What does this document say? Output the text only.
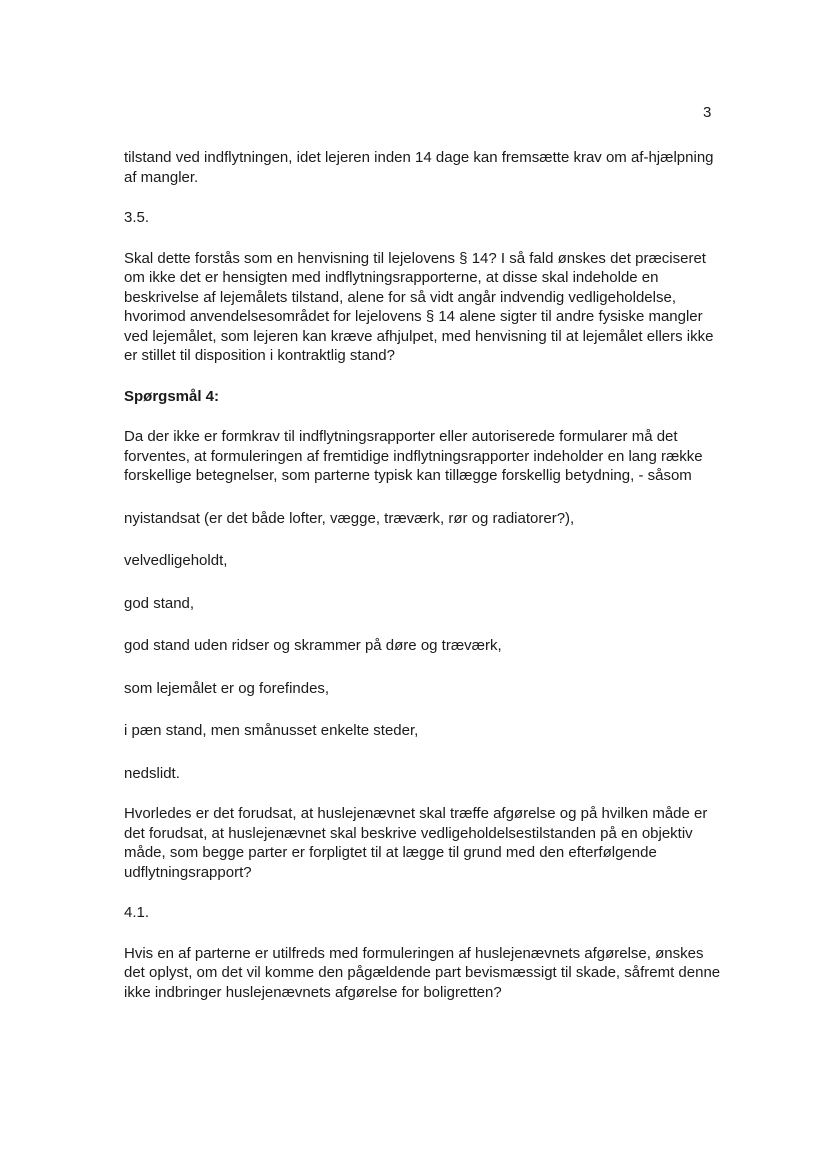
3

tilstand ved indflytningen, idet lejeren inden 14 dage kan fremsætte krav om af-hjælpning af mangler.

3.5.

Skal dette forstås som en henvisning til lejelovens § 14? I så fald ønskes det præciseret om ikke det er hensigten med indflytningsrapporterne, at disse skal indeholde en beskrivelse af lejemålets tilstand, alene for så vidt angår indvendig vedligeholdelse, hvorimod anvendelsesområdet for lejelovens § 14 alene sigter til andre fysiske mangler ved lejemålet, som lejeren kan kræve afhjulpet, med henvisning til at lejemålet ellers ikke er stillet til disposition i kontraktlig stand?

Spørgsmål 4:

Da der ikke er formkrav til indflytningsrapporter eller autoriserede formularer må det forventes, at formuleringen af fremtidige indflytningsrapporter indeholder en lang række forskellige betegnelser, som parterne typisk kan tillægge forskellig betydning, - såsom

nyistandsat (er det både lofter, vægge, træværk, rør og radiatorer?),

velvedligeholdt,

god stand,

god stand uden ridser og skrammer på døre og træværk,

som lejemålet er og forefindes,

i pæn stand, men smånusset enkelte steder,

nedslidt.

Hvorledes er det forudsat, at huslejenævnet skal træffe afgørelse og på hvilken måde er det forudsat, at huslejenævnet skal beskrive vedligeholdelsestilstanden på en objektiv måde, som begge parter er forpligtet til at lægge til grund med den efterfølgende udflytningsrapport?

4.1.

Hvis en af parterne er utilfreds med formuleringen af huslejenævnets afgørelse, ønskes det oplyst, om det vil komme den pågældende part bevismæssigt til skade, såfremt denne ikke indbringer huslejenævnets afgørelse for boligretten?
